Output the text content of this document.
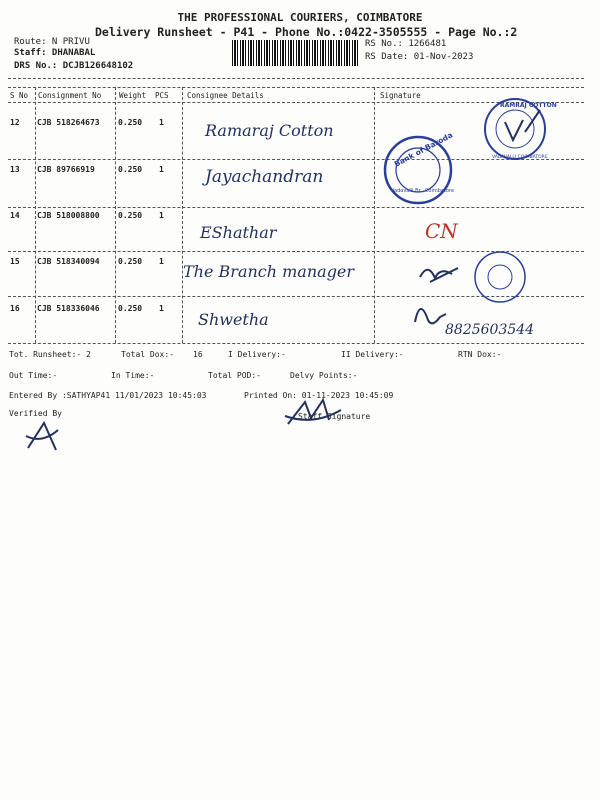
THE PROFESSIONAL COURIERS, COIMBATORE
Delivery Runsheet - P41 - Phone No.:0422-3505555 - Page No.:2
Route: N PRIVU
Staff: DHANABAL
DRS No.: DCJB126648102
RS No.: 1266481
RS Date: 01-Nov-2023
S No Consignment No Weight PCS Consignee Details	Signature
12 CJB 518264673 0.250 1	Ramaraj Cotton
13 CJB 89766919	0.250 1 Jayachandran
14 CJB 518008800 0.250 1
EShathar
15 CJB 518340094 0.250 1
The Branch manager
16 CJB 518336046 0.250 1
Shwetha
RAMRAJ COTTON
VADAVALLI COIMBATORE
Bank of Baroda
Vadavalli Br., Coimbatore
CN
8825603544
Tot. Runsheet:- 2	Total Dox:- 16	I Delivery:-	II Delivery:-	RTN Dox:-
Out Time:-	In Time:-	Total POD:-	Delvy Points:-
Entered By :SATHYAP41 11/01/2023 10:45:03	Printed On: 01-11-2023 10:45:09
Verified By	Staff Signature
